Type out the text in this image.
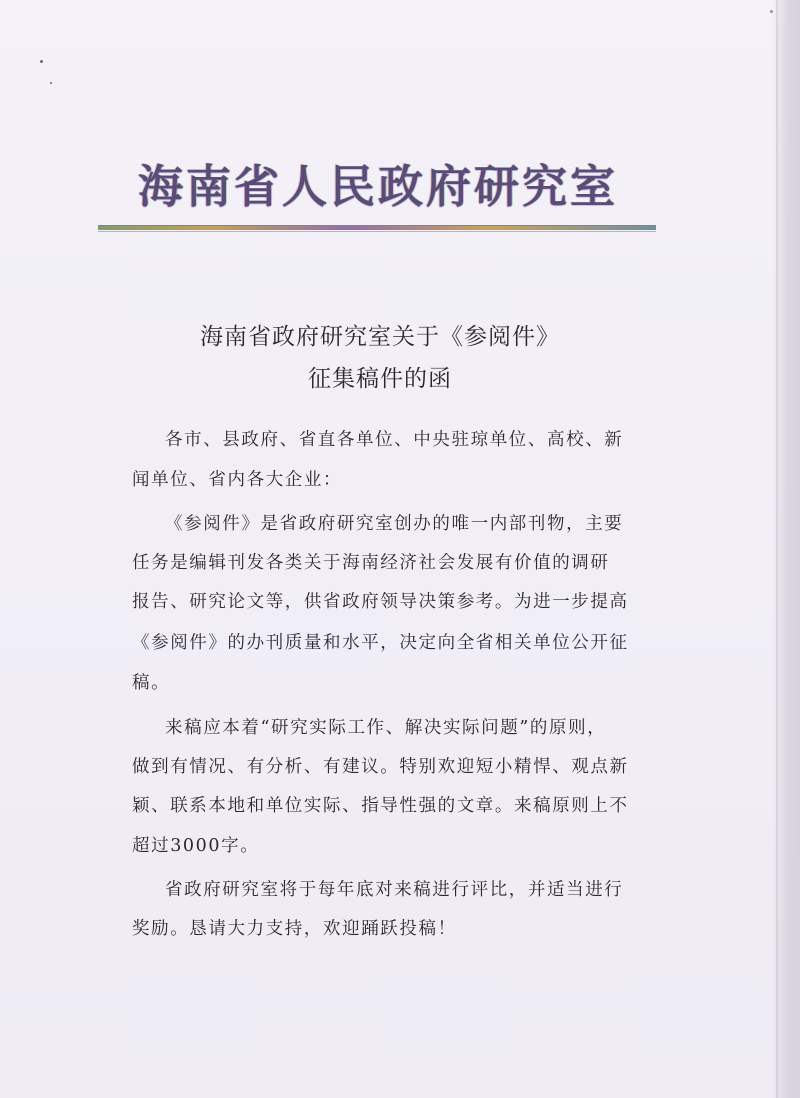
海南省人民政府研究室
海南省政府研究室关于《参阅件》
征集稿件的函
各市、县政府、省直各单位、中央驻琼单位、高校、新
闻单位、省内各大企业：
《参阅件》是省政府研究室创办的唯一内部刊物，主要
任务是编辑刊发各类关于海南经济社会发展有价值的调研
报告、研究论文等，供省政府领导决策参考。为进一步提高
《参阅件》的办刊质量和水平，决定向全省相关单位公开征
稿。
来稿应本着“研究实际工作、解决实际问题”的原则，
做到有情况、有分析、有建议。特别欢迎短小精悍、观点新
颖、联系本地和单位实际、指导性强的文章。来稿原则上不
超过3000字。
省政府研究室将于每年底对来稿进行评比，并适当进行
奖励。恳请大力支持，欢迎踊跃投稿！
